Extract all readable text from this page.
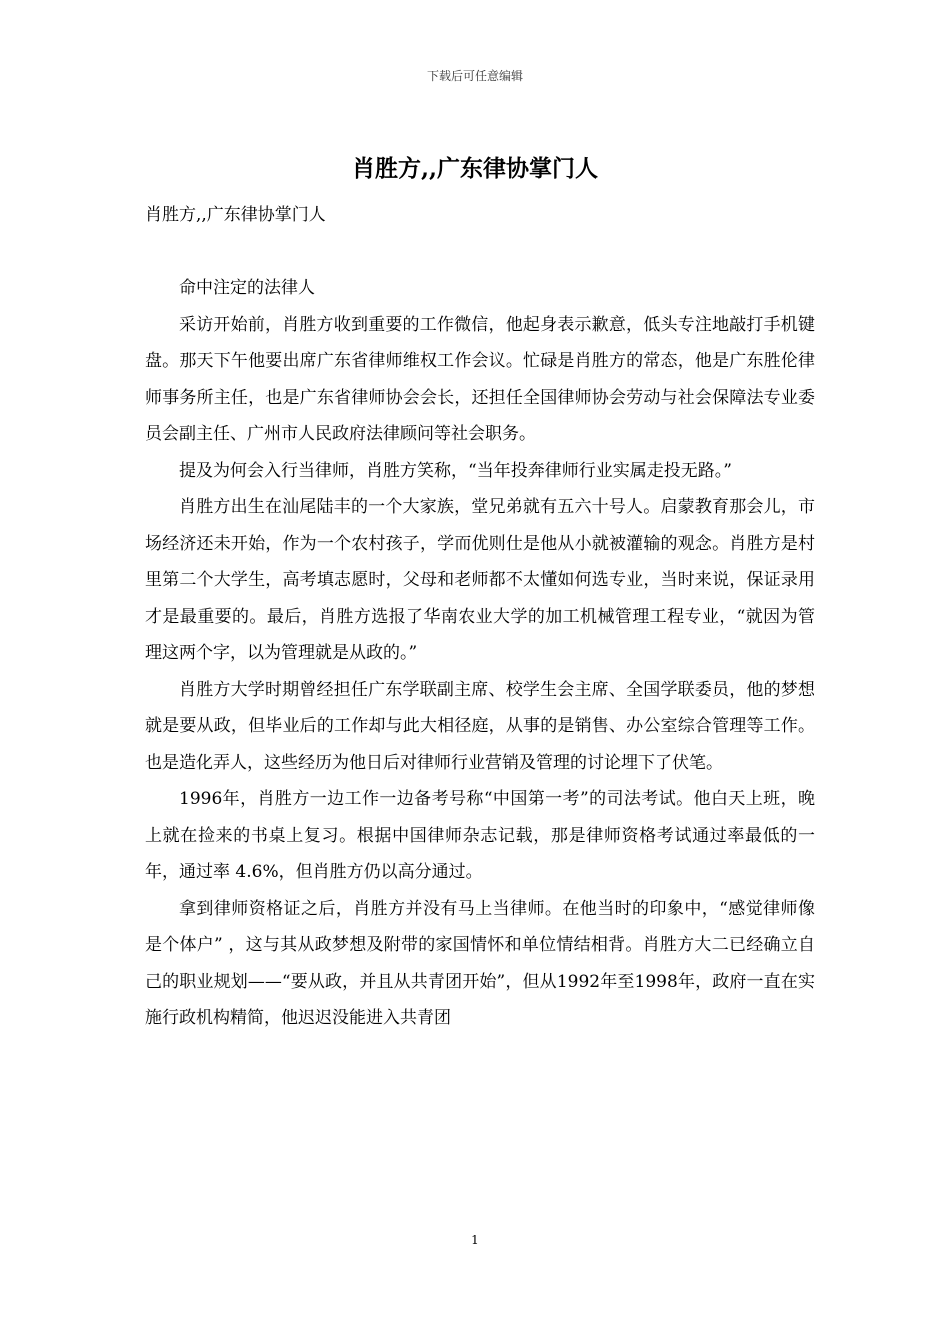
下载后可任意编辑
肖胜方,,广东律协掌门人
肖胜方,,广东律协掌门人

命中注定的法律人

采访开始前，肖胜方收到重要的工作微信，他起身表示歉意，低头专注地敲打手机键盘。那天下午他要出席广东省律师维权工作会议。忙碌是肖胜方的常态，他是广东胜伦律师事务所主任，也是广东省律师协会会长，还担任全国律师协会劳动与社会保障法专业委员会副主任、广州市人民政府法律顾问等社会职务。

提及为何会入行当律师，肖胜方笑称，“当年投奔律师行业实属走投无路。”

肖胜方出生在汕尾陆丰的一个大家族，堂兄弟就有五六十号人。启蒙教育那会儿，市场经济还未开始，作为一个农村孩子，学而优则仕是他从小就被灌输的观念。肖胜方是村里第二个大学生，高考填志愿时，父母和老师都不太懂如何选专业，当时来说，保证录用才是最重要的。最后，肖胜方选报了华南农业大学的加工机械管理工程专业，“就因为管理这两个字，以为管理就是从政的。”

肖胜方大学时期曾经担任广东学联副主席、校学生会主席、全国学联委员，他的梦想就是要从政，但毕业后的工作却与此大相径庭，从事的是销售、办公室综合管理等工作。也是造化弄人，这些经历为他日后对律师行业营销及管理的讨论埋下了伏笔。

1996年，肖胜方一边工作一边备考号称“中国第一考”的司法考试。他白天上班，晚上就在捡来的书桌上复习。根据中国律师杂志记载，那是律师资格考试通过率最低的一年，通过率 4.6%，但肖胜方仍以高分通过。

拿到律师资格证之后，肖胜方并没有马上当律师。在他当时的印象中，“感觉律师像是个体户” ，这与其从政梦想及附带的家国情怀和单位情结相背。肖胜方大二已经确立自己的职业规划——“要从政，并且从共青团开始”，但从1992年至1998年，政府一直在实施行政机构精简，他迟迟没能进入共青团

1
